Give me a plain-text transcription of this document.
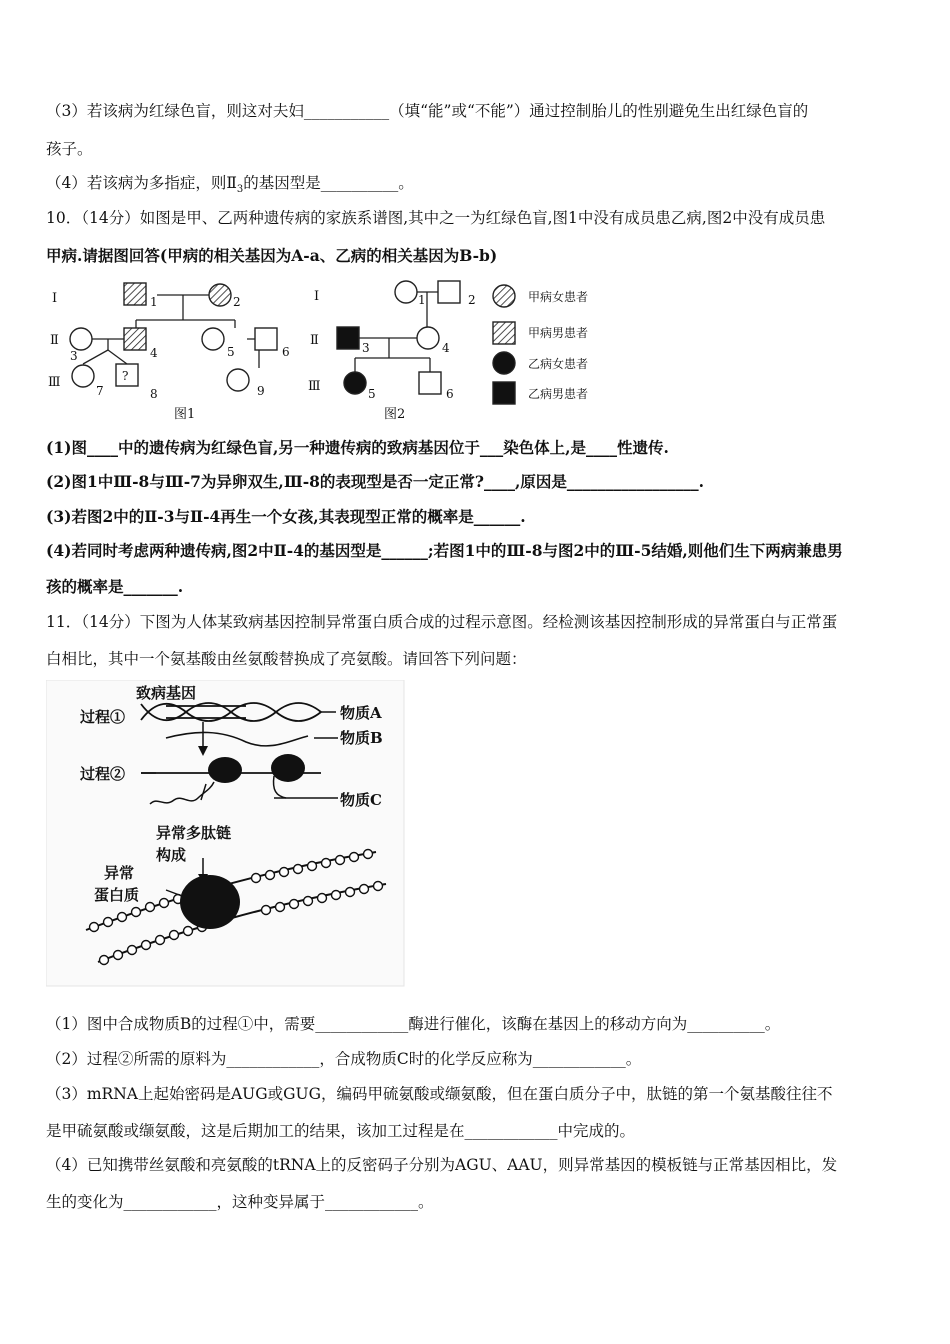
（3）若该病为红绿色盲，则这对夫妇___________（填“能”或“不能”）通过控制胎儿的性别避免生出红绿色盲的
孩子。
（4）若该病为多指症，则$Ⅱ_3$的基因型是__________。
10．（14分）如图是甲、乙两种遗传病的家族系谱图,其中之一为红绿色盲,图1中没有成员患乙病,图2中没有成员患
甲病.请据图回答(甲病的相关基因为A-a、乙病的相关基因为B-b)
Ⅰ
Ⅱ
Ⅲ
1	2
3	4	5	6
7	8	9
?
图1
Ⅰ
Ⅱ
Ⅲ
1	2
3	4
5	6
图2
甲病女患者
甲病男患者
乙病女患者
乙病男患者
(1)图____中的遗传病为红绿色盲,另一种遗传病的致病基因位于___染色体上,是____性遗传.
(2)图1中Ⅲ-8与Ⅲ-7为异卵双生,Ⅲ-8的表现型是否一定正常?____,原因是_________________.
(3)若图2中的Ⅱ-3与Ⅱ-4再生一个女孩,其表现型正常的概率是______.
(4)若同时考虑两种遗传病,图2中Ⅱ-4的基因型是______;若图1中的Ⅲ-8与图2中的Ⅲ-5结婚,则他们生下两病兼患男
孩的概率是_______.
11．（14分）下图为人体某致病基因控制异常蛋白质合成的过程示意图。经检测该基因控制形成的异常蛋白与正常蛋
白相比，其中一个氨基酸由丝氨酸替换成了亮氨酸。请回答下列问题：
致病基因
过程①	物质A
物质B
过程②
物质C
异常多肽链
构成
异常
蛋白质
（1）图中合成物质B的过程①中，需要____________酶进行催化，该酶在基因上的移动方向为__________。
（2）过程②所需的原料为____________，合成物质C时的化学反应称为____________。
（3）mRNA上起始密码是AUG或GUG，编码甲硫氨酸或缬氨酸，但在蛋白质分子中，肽链的第一个氨基酸往往不
是甲硫氨酸或缬氨酸，这是后期加工的结果，该加工过程是在____________中完成的。
（4）已知携带丝氨酸和亮氨酸的tRNA上的反密码子分别为AGU、AAU，则异常基因的模板链与正常基因相比，发
生的变化为____________，这种变异属于____________。
